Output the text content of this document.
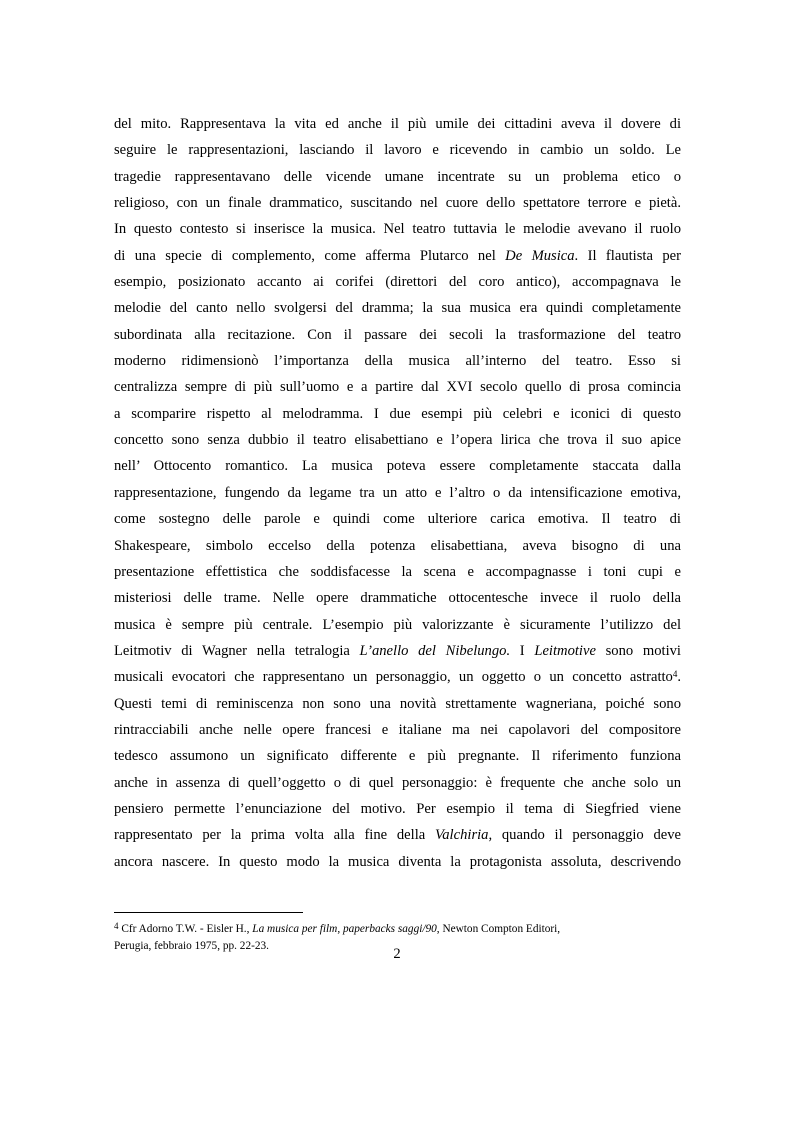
del mito. Rappresentava la vita ed anche il più umile dei cittadini aveva il dovere di
seguire le rappresentazioni, lasciando il lavoro e ricevendo in cambio un soldo. Le
tragedie rappresentavano delle vicende umane incentrate su un problema etico o
religioso, con un finale drammatico, suscitando nel cuore dello spettatore terrore e pietà.
In questo contesto si inserisce la musica. Nel teatro tuttavia le melodie avevano il ruolo
di una specie di complemento, come afferma Plutarco nel De Musica. Il flautista per
esempio, posizionato accanto ai corifei (direttori del coro antico), accompagnava le
melodie del canto nello svolgersi del dramma; la sua musica era quindi completamente
subordinata alla recitazione. Con il passare dei secoli la trasformazione del teatro
moderno ridimensionò l’importanza della musica all’interno del teatro. Esso si
centralizza sempre di più sull’uomo e a partire dal XVI secolo quello di prosa comincia
a scomparire rispetto al melodramma. I due esempi più celebri e iconici di questo
concetto sono senza dubbio il teatro elisabettiano e l’opera lirica che trova il suo apice
nell’ Ottocento romantico. La musica poteva essere completamente staccata dalla
rappresentazione, fungendo da legame tra un atto e l’altro o da intensificazione emotiva,
come sostegno delle parole e quindi come ulteriore carica emotiva. Il teatro di
Shakespeare, simbolo eccelso della potenza elisabettiana, aveva bisogno di una
presentazione effettistica che soddisfacesse la scena e accompagnasse i toni cupi e
misteriosi delle trame. Nelle opere drammatiche ottocentesche invece il ruolo della
musica è sempre più centrale. L’esempio più valorizzante è sicuramente l’utilizzo del
Leitmotiv di Wagner nella tetralogia L’anello del Nibelungo. I Leitmotive sono motivi
musicali evocatori che rappresentano un personaggio, un oggetto o un concetto astratto$^4$.
Questi temi di reminiscenza non sono una novità strettamente wagneriana, poiché sono
rintracciabili anche nelle opere francesi e italiane ma nei capolavori del compositore
tedesco assumono un significato differente e più pregnante. Il riferimento funziona
anche in assenza di quell’oggetto o di quel personaggio: è frequente che anche solo un
pensiero permette l’enunciazione del motivo. Per esempio il tema di Siegfried viene
rappresentato per la prima volta alla fine della Valchiria, quando il personaggio deve
ancora nascere. In questo modo la musica diventa la protagonista assoluta, descrivendo
$^4$ Cfr Adorno T.W. - Eisler H., La musica per film, paperbacks saggi/90, Newton Compton Editori,
Perugia, febbraio 1975, pp. 22-23.	2
